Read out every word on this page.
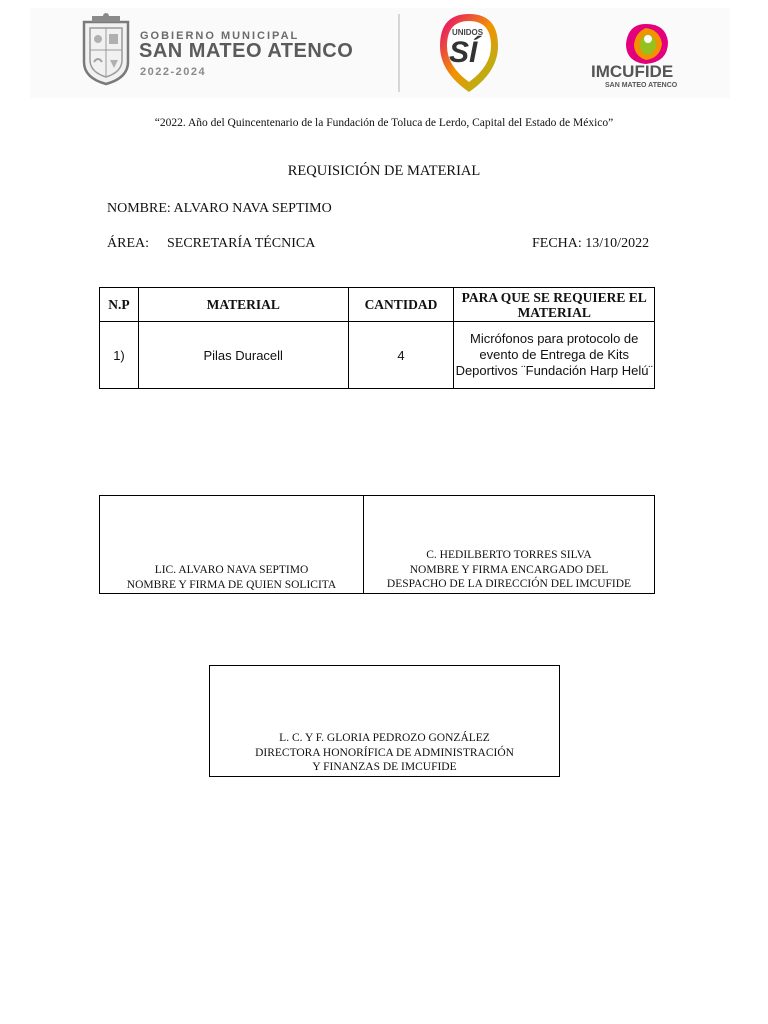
GOBIERNO MUNICIPAL
SAN MATEO ATENCO
2022-2024
UNIDOS
SÍ
IMCUFIDE
SAN MATEO ATENCO
“2022. Año del Quincentenario de la Fundación de Toluca de Lerdo, Capital del Estado de México”
REQUISICIÓN DE MATERIAL
NOMBRE: ALVARO NAVA SEPTIMO
ÁREA: SECRETARÍA TÉCNICA	FECHA: 13/10/2022
N.P	MATERIAL	CANTIDAD	PARA QUE SE REQUIERE EL MATERIAL
1)	Pilas Duracell	4	Micrófonos para protocolo de evento de Entrega de Kits Deportivos ¨Fundación Harp Helú¨
LIC. ALVARO NAVA SEPTIMO
NOMBRE Y FIRMA DE QUIEN SOLICITA
C. HEDILBERTO TORRES SILVA
NOMBRE Y FIRMA ENCARGADO DEL
DESPACHO DE LA DIRECCIÓN DEL IMCUFIDE
L. C. Y F. GLORIA PEDROZO GONZÁLEZ
DIRECTORA HONORÍFICA DE ADMINISTRACIÓN
Y FINANZAS DE IMCUFIDE
